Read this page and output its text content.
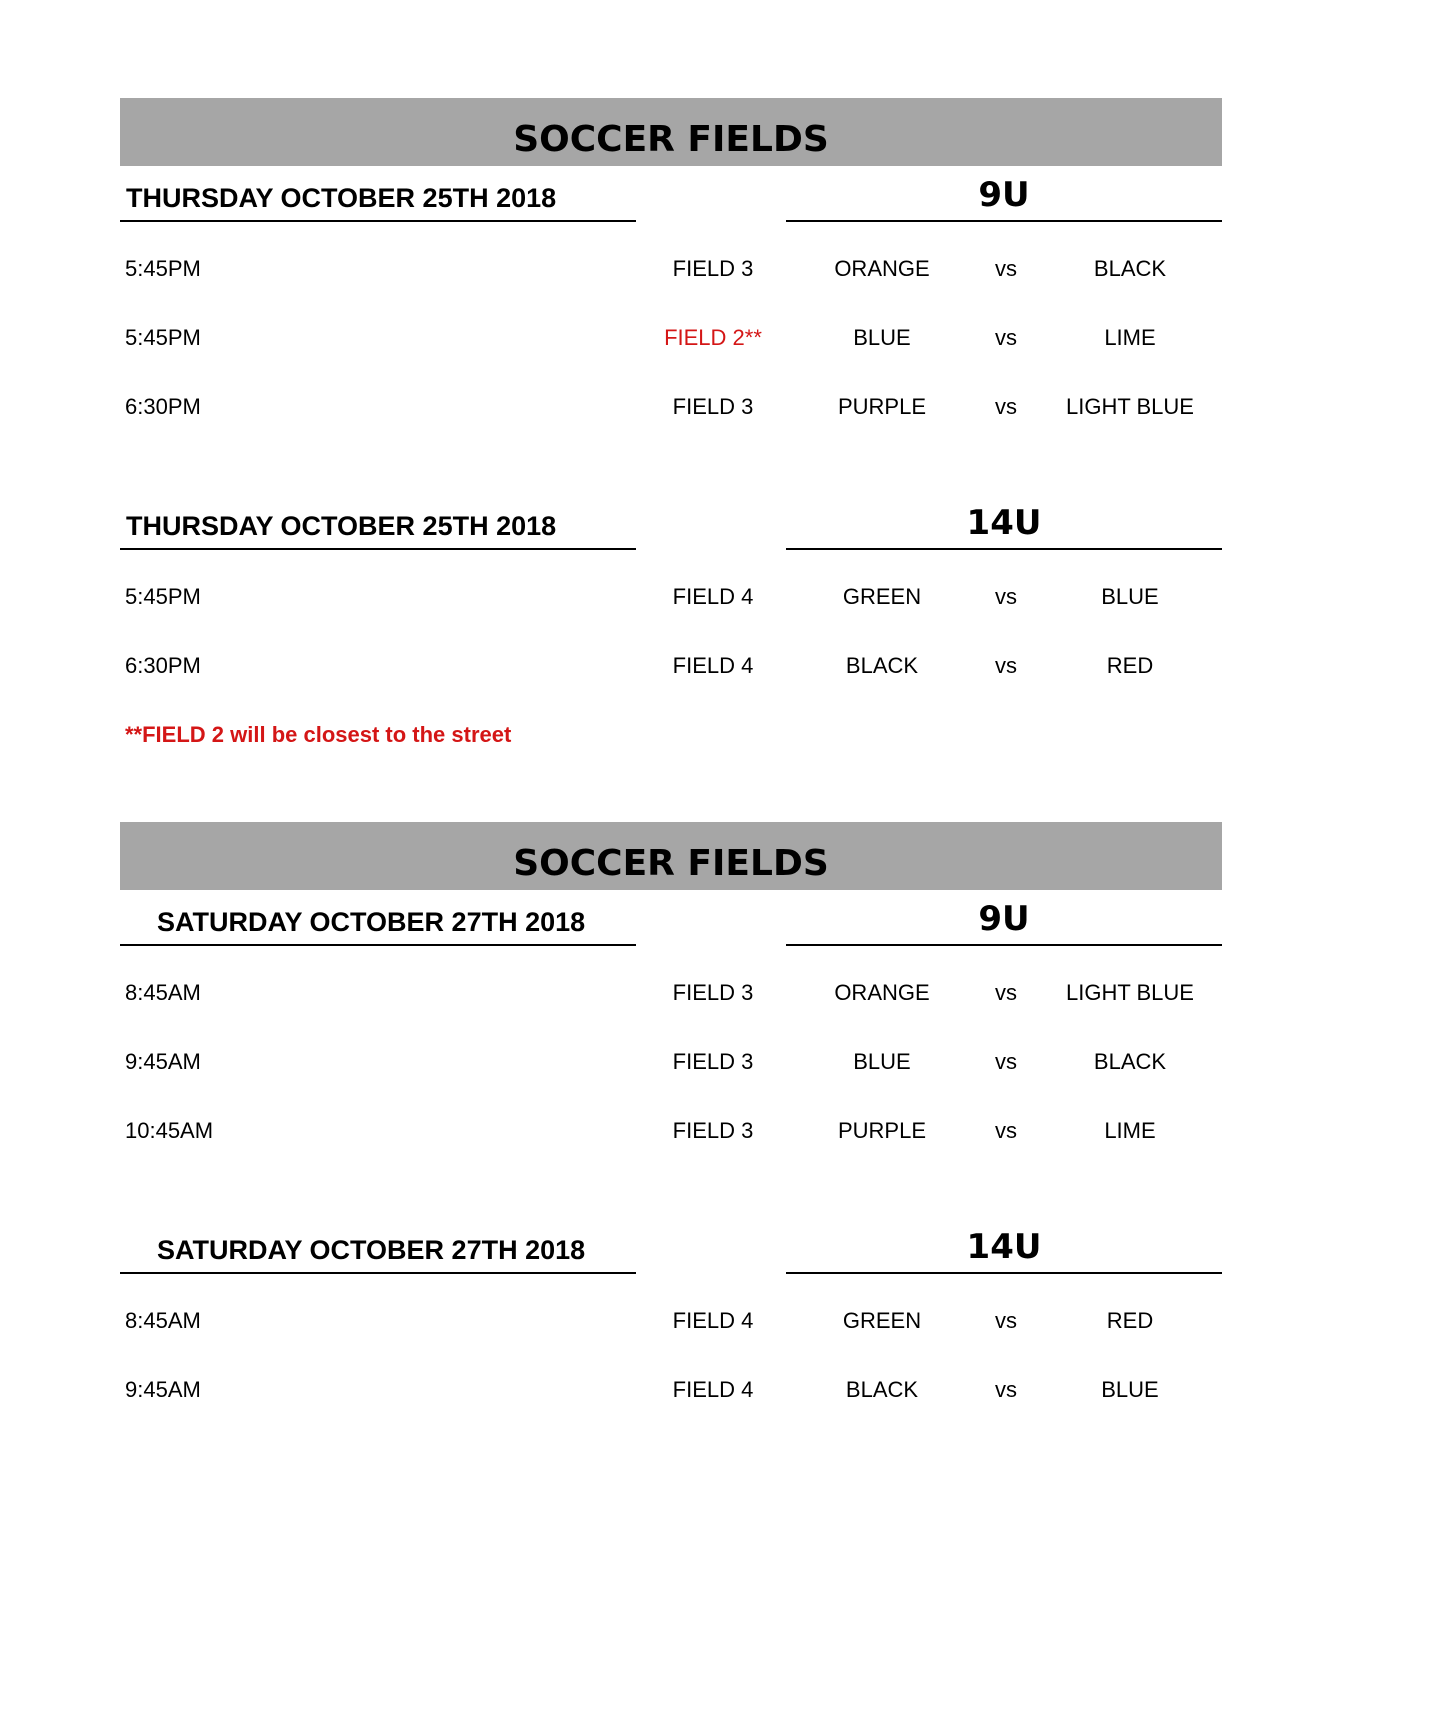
SOCCER FIELDS
THURSDAY OCTOBER 25TH 2018	9U
5:45PM	FIELD 3	ORANGE	vs	BLACK
5:45PM	FIELD 2**	BLUE	vs	LIME
6:30PM	FIELD 3	PURPLE	vs	LIGHT BLUE
THURSDAY OCTOBER 25TH 2018	14U
5:45PM	FIELD 4	GREEN	vs	BLUE
6:30PM	FIELD 4	BLACK	vs	RED
**FIELD 2 will be closest to the street
SOCCER FIELDS
SATURDAY OCTOBER 27TH 2018	9U
8:45AM	FIELD 3	ORANGE	vs	LIGHT BLUE
9:45AM	FIELD 3	BLUE	vs	BLACK
10:45AM	FIELD 3	PURPLE	vs	LIME
SATURDAY OCTOBER 27TH 2018	14U
8:45AM	FIELD 4	GREEN	vs	RED
9:45AM	FIELD 4	BLACK	vs	BLUE
